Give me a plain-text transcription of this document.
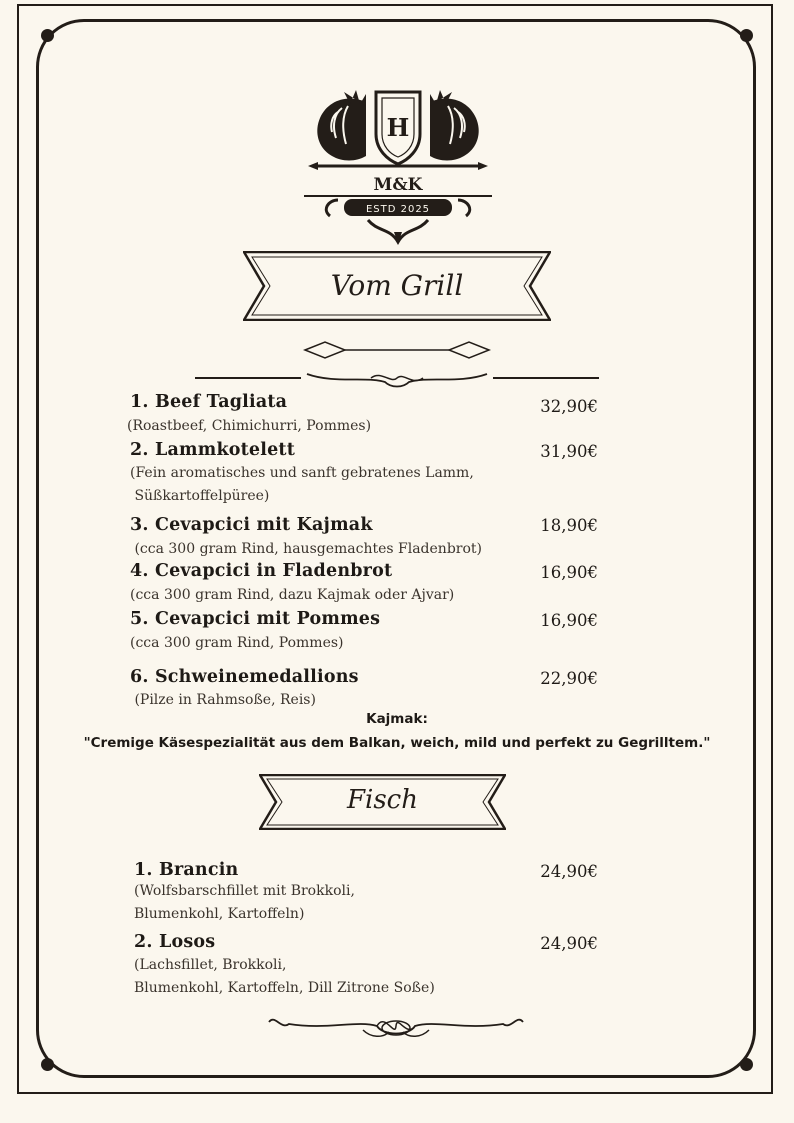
H
M&K
ESTD 2025
Vom Grill
1. Beef Tagliata	32,90€
(Roastbeef, Chimichurri, Pommes)
2. Lammkotelett	31,90€
(Fein aromatisches und sanft gebratenes Lamm,
Süßkartoffelpüree)
3. Cevapcici mit Kajmak	18,90€
(cca 300 gram Rind, hausgemachtes Fladenbrot)
4. Cevapcici in Fladenbrot	16,90€
(cca 300 gram Rind, dazu Kajmak oder Ajvar)
5. Cevapcici mit Pommes	16,90€
(cca 300 gram Rind, Pommes)
6. Schweinemedallions	22,90€
(Pilze in Rahmsoße, Reis)
Kajmak:
"Cremige Käsespezialität aus dem Balkan, weich, mild und perfekt zu Gegrilltem."
Fisch
1. Brancin	24,90€
(Wolfsbarschfillet mit Brokkoli,
Blumenkohl, Kartoffeln)
2. Losos	24,90€
(Lachsfillet, Brokkoli,
Blumenkohl, Kartoffeln, Dill Zitrone Soße)
